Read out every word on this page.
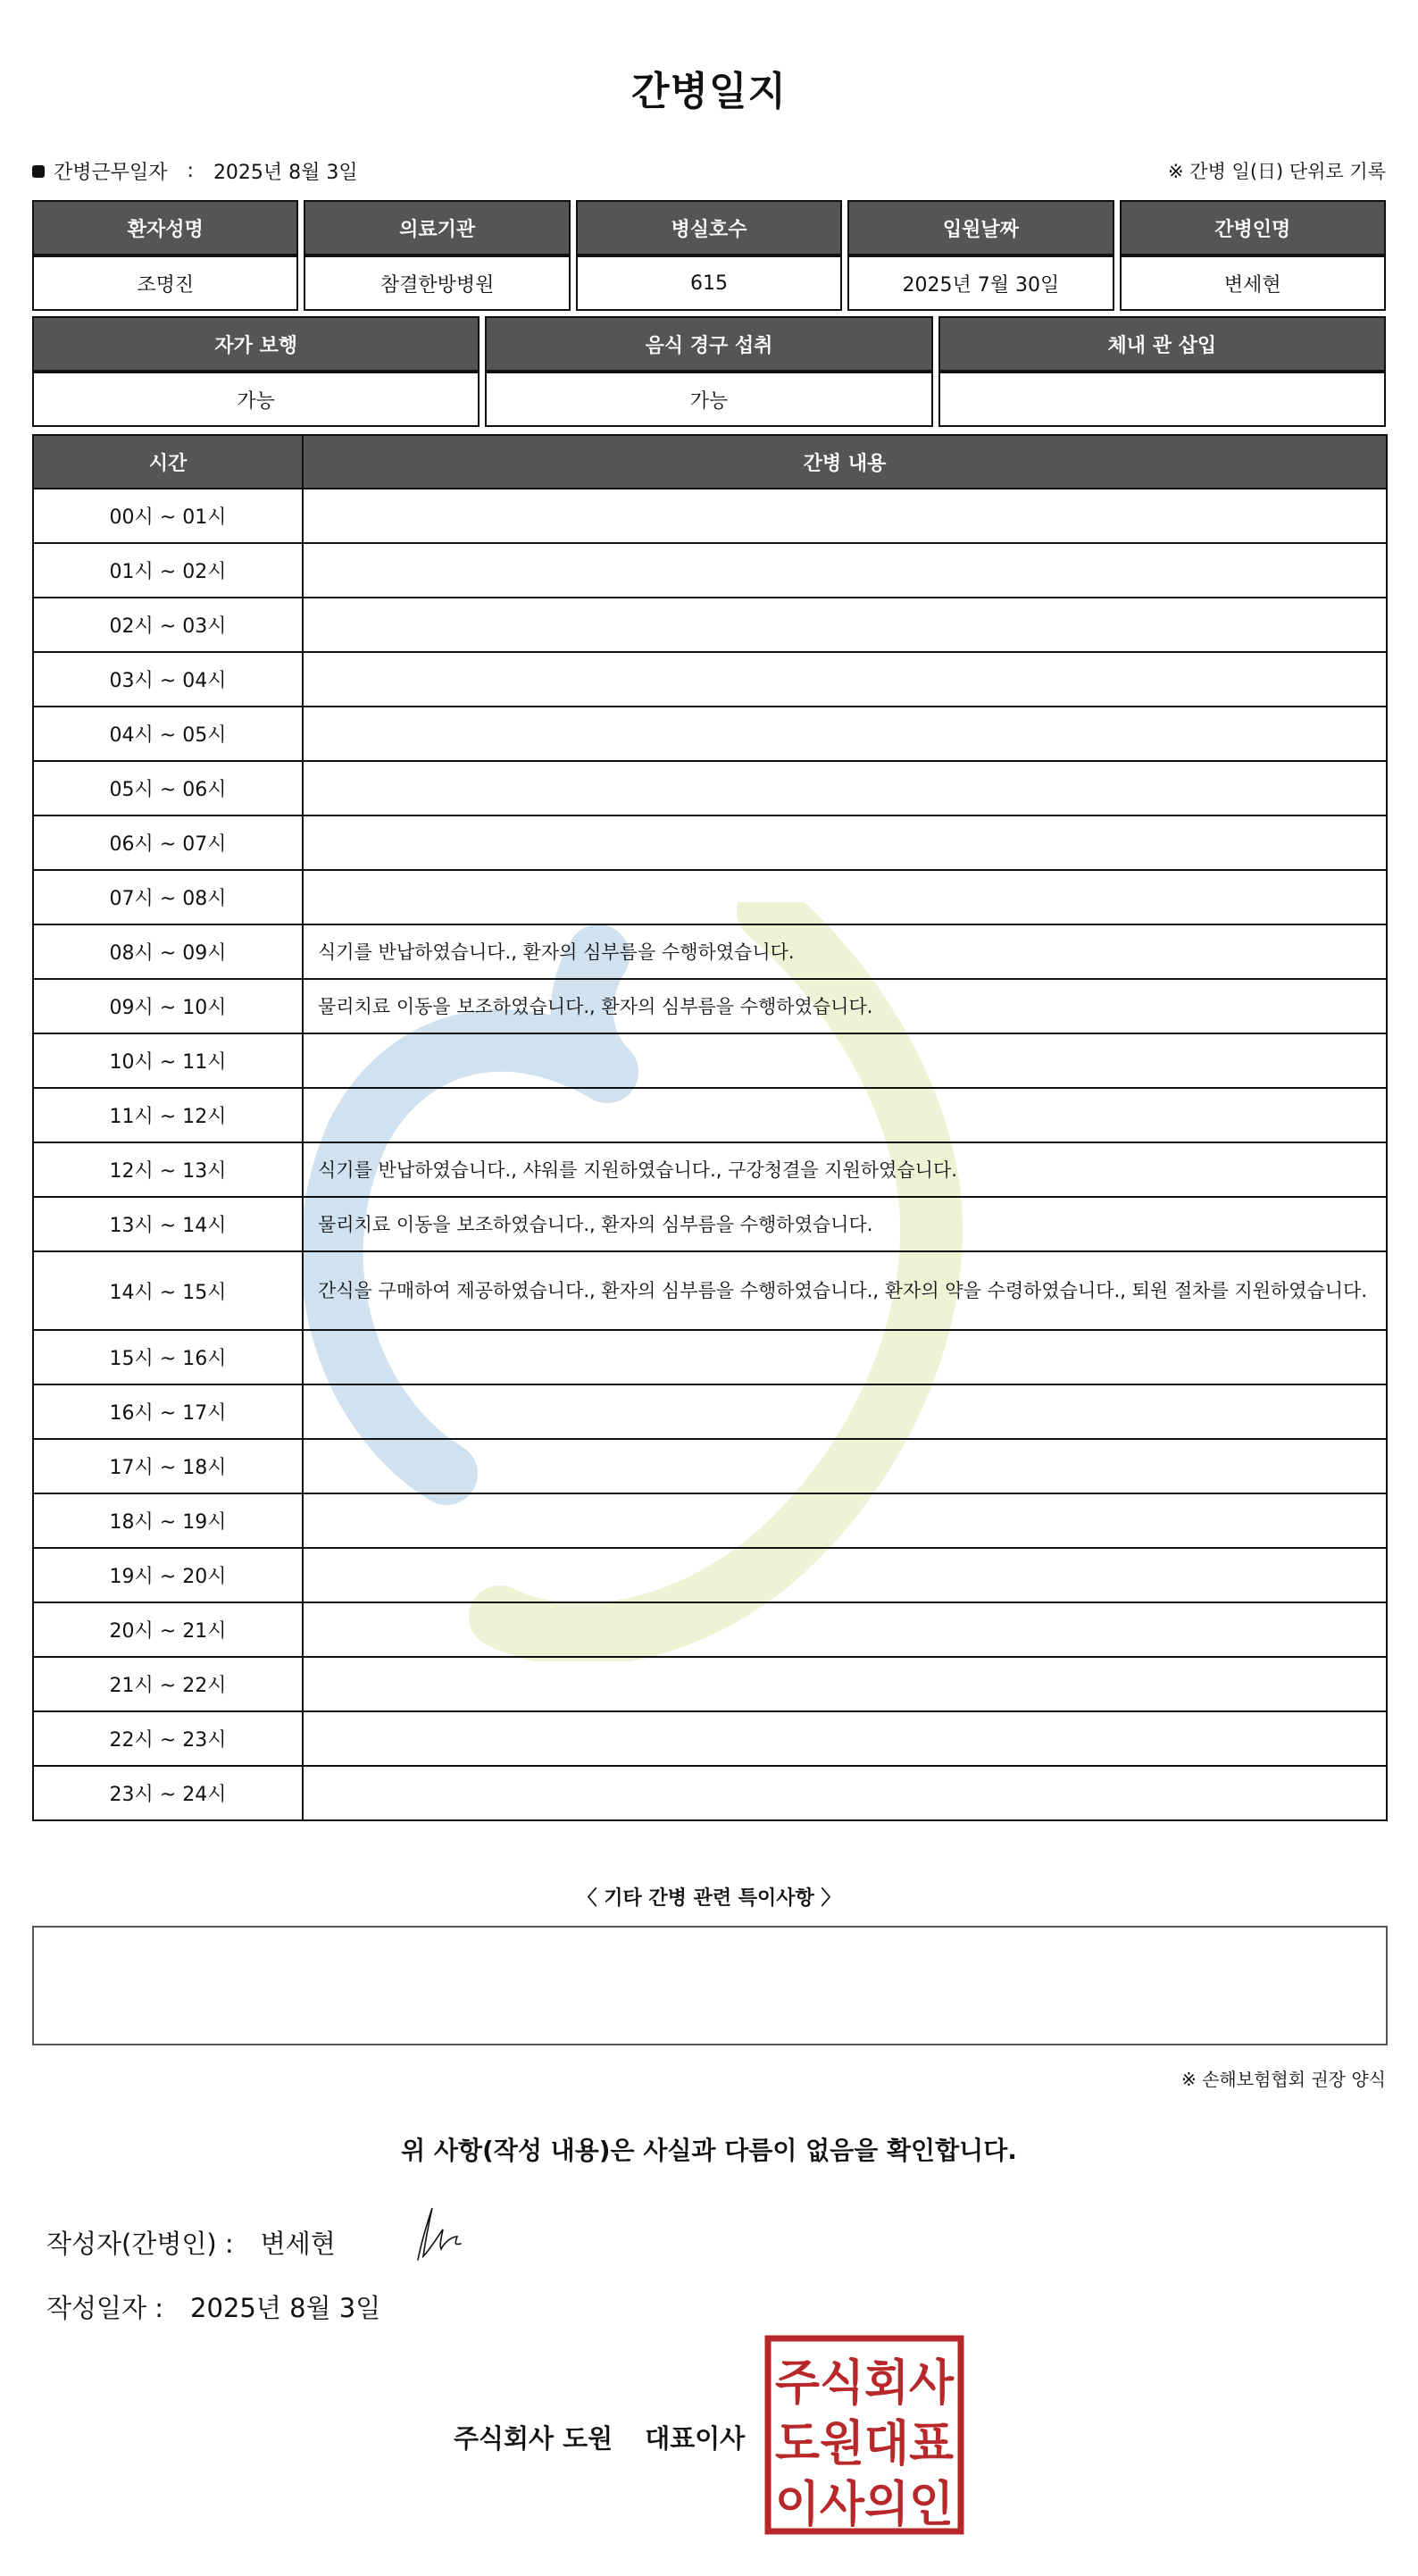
간병일지
간병근무일자 : 2025년 8월 3일	※ 간병 일(日) 단위로 기록
환자성명	의료기관	병실호수	입원날짜	간병인명
조명진	참결한방병원	615	2025년 7월 30일	변세현
자가 보행	음식 경구 섭취	체내 관 삽입
가능	가능	
시간	간병 내용
00시 ~ 01시	
01시 ~ 02시	
02시 ~ 03시	
03시 ~ 04시	
04시 ~ 05시	
05시 ~ 06시	
06시 ~ 07시	
07시 ~ 08시	
08시 ~ 09시	식기를 반납하였습니다., 환자의 심부름을 수행하였습니다.
09시 ~ 10시	물리치료 이동을 보조하였습니다., 환자의 심부름을 수행하였습니다.
10시 ~ 11시	
11시 ~ 12시	
12시 ~ 13시	식기를 반납하였습니다., 샤워를 지원하였습니다., 구강청결을 지원하였습니다.
13시 ~ 14시	물리치료 이동을 보조하였습니다., 환자의 심부름을 수행하였습니다.
14시 ~ 15시	간식을 구매하여 제공하였습니다., 환자의 심부름을 수행하였습니다., 환자의 약을 수령하였습니다., 퇴원 절차를 지원하였습니다.
15시 ~ 16시	
16시 ~ 17시	
17시 ~ 18시	
18시 ~ 19시	
19시 ~ 20시	
20시 ~ 21시	
21시 ~ 22시	
22시 ~ 23시	
23시 ~ 24시	
〈 기타 간병 관련 특이사항 〉
※ 손해보험협회 권장 양식
위 사항(작성 내용)은 사실과 다름이 없음을 확인합니다.
작성자(간병인) : 변세현
작성일자 : 2025년 8월 3일
주식회사 도원 대표이사
주식회사
도원대표
이사의인
